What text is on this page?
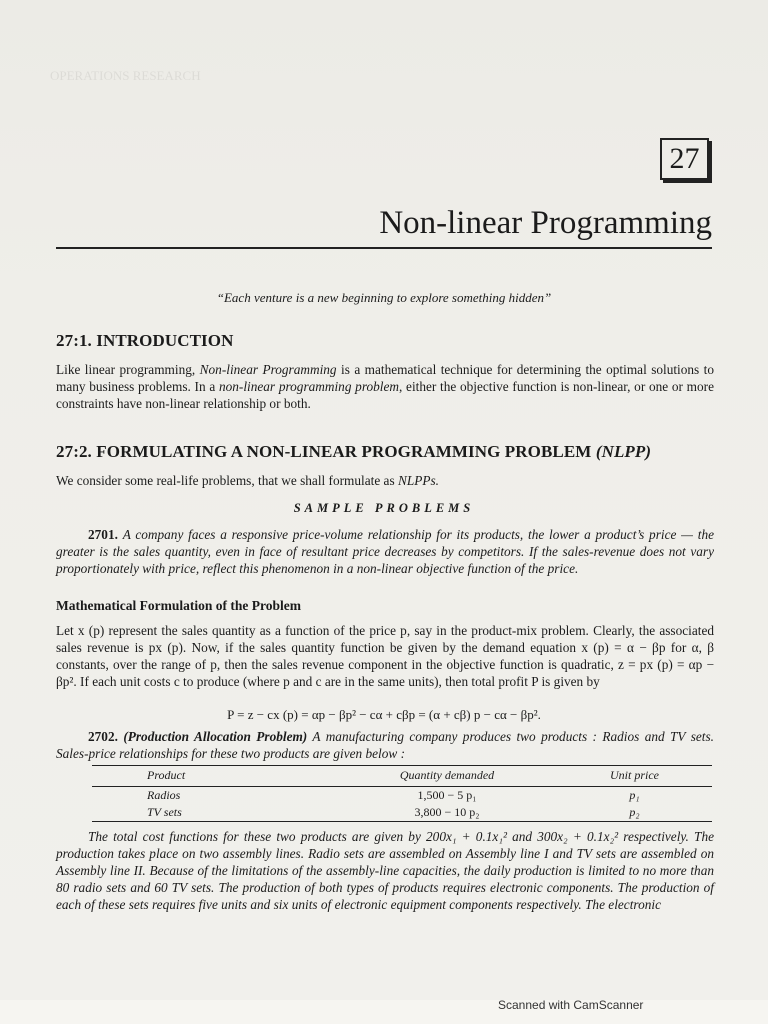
OPERATIONS RESEARCH
27
Non-linear Programming
“Each venture is a new beginning to explore something hidden”
27:1. INTRODUCTION

Like linear programming, Non-linear Programming is a mathematical technique for determining the optimal solutions to many business problems. In a non-linear programming problem, either the objective function is non-linear, or one or more constraints have non-linear relationship or both.

27:2. FORMULATING A NON-LINEAR PROGRAMMING PROBLEM (NLPP)

We consider some real-life problems, that we shall formulate as NLPPs.

SAMPLE PROBLEMS

2701. A company faces a responsive price-volume relationship for its products, the lower a product’s price — the greater is the sales quantity, even in face of resultant price decreases by competitors. If the sales-revenue does not vary proportionately with price, reflect this phenomenon in a non-linear objective function of the price.

Mathematical Formulation of the Problem

Let x (p) represent the sales quantity as a function of the price p, say in the product-mix problem. Clearly, the associated sales revenue is px (p). Now, if the sales quantity function be given by the demand equation x (p) = α − βp for α, β constants, over the range of p, then the sales revenue component in the objective function is quadratic, z = px (p) = αp − βp². If each unit costs c to produce (where p and c are in the same units), then total profit P is given by

P = z − cx (p) = αp − βp² − cα + cβp = (α + cβ) p − cα − βp².

2702. (Production Allocation Problem) A manufacturing company produces two products : Radios and TV sets. Sales-price relationships for these two products are given below :

Product	Quantity demanded	Unit price
Radios	1,500 − 5 p₁	p₁
TV sets	3,800 − 10 p₂	p₂

The total cost functions for these two products are given by 200x₁ + 0.1x₁² and 300x₂ + 0.1x₂² respectively. The production takes place on two assembly lines. Radio sets are assembled on Assembly line I and TV sets are assembled on Assembly line II. Because of the limitations of the assembly-line capacities, the daily production is limited to no more than 80 radio sets and 60 TV sets. The production of both types of products requires electronic components. The production of each of these sets requires five units and six units of electronic equipment components respectively. The electronic

Scanned with CamScanner
